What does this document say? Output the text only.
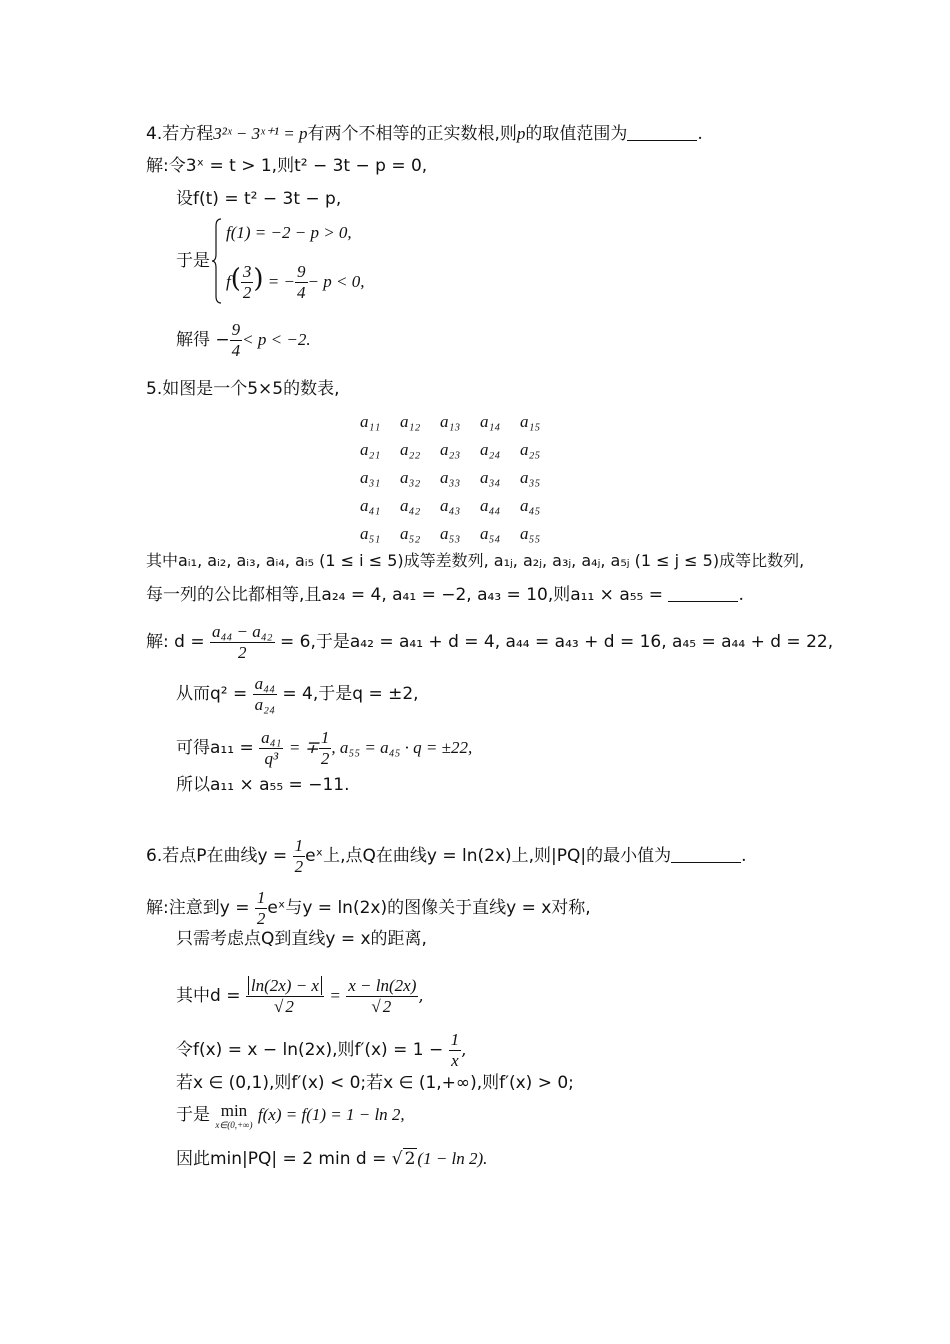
4.若方程3²ˣ − 3ˣ⁺¹ = p有两个不相等的正实数根,则p的取值范围为	.
解:令3ˣ = t > 1,则t² − 3t − p = 0,
设f(t) = t² − 3t − p,
于是
f(1) = −2 − p > 0,
$f( \frac{3}{2}$ ) = − $\frac{9}{4} - p < 0$,
解得 − $\frac{9}{4} < p < -2$.
5.如图是一个5×5的数表,
a₁₁	a₁₂	a₁₃	a₁₄	a₁₅
a₂₁	a₂₂	a₂₃	a₂₄	a₂₅
a₃₁	a₃₂	a₃₃	a₃₄	a₃₅
a₄₁	a₄₂	a₄₃	a₄₄	a₄₅
a₅₁	a₅₂	a₅₃	a₅₄	a₅₅
其中aᵢ₁, aᵢ₂, aᵢ₃, aᵢ₄, aᵢ₅ (1 ≤ i ≤ 5)成等差数列, a₁ⱼ, a₂ⱼ, a₃ⱼ, a₄ⱼ, a₅ⱼ (1 ≤ j ≤ 5)成等比数列,
每一列的公比都相等,且a₂₄ = 4, a₄₁ = −2, a₄₃ = 10,则a₁₁ × a₅₅ =	.
解: $d = \frac{\text{a₄₄ − a₄₂}}{2} = 6$,于是a₄₂ = a₄₁ + d = 4, a₄₄ = a₄₃ + d = 16, a₄₅ = a₄₄ + d = 22,
从而$q^2 = \frac{\text{a₄₄}}{\text{a₂₄}} = 4$,于是q = ±2,
可得$a_{11} = \frac{\text{a₄₁}}{\text{q³}}$ = ∓ $\frac{1}{2}$ , a₅₅ = a₄₅ · q = ±22,
所以a₁₁ × a₅₅ = −11.
6.若点P在曲线$y = \frac{1}{2}$ eˣ上,点Q在曲线y = ln(2x)上,则|PQ|的最小值为	.
解:注意到$y = \frac{1}{2}$ eˣ与y = ln(2x)的图像关于直线y = x对称,
只需考虑点Q到直线y = x的距离,
其中$d = \frac{\ln(2x) - x}{√ 2} = \frac{x - \ln(2x)}{√ 2}$ ,
令f(x) = x − ln(2x),则$f'(x) = 1 - \frac{1}{x}$ ,
若x ∈ (0,1),则f′(x) < 0;若x ∈ (1,+∞),则f′(x) > 0;
于是 min
x∈(0,+∞)
f(x) = f(1) = 1 − ln 2,
因此min|PQ| = 2 min d = √ 2 (1 − ln 2).
